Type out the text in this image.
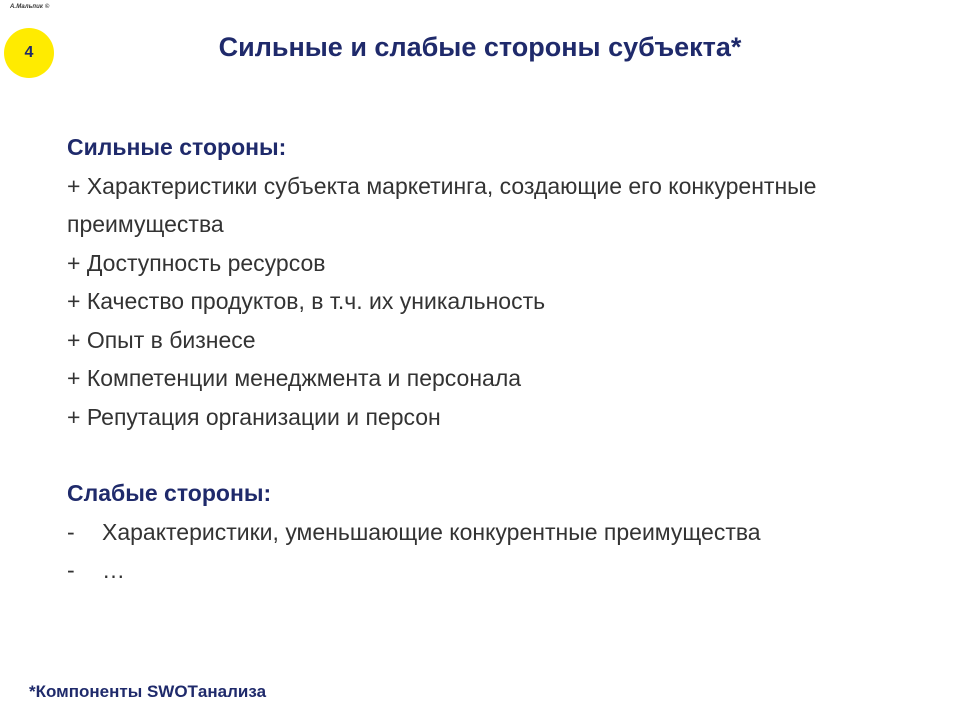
А.Мальпик ©
4	Сильные и слабые стороны субъекта*
Сильные стороны:
+ Характеристики субъекта маркетинга, создающие его конкурентные преимущества
+ Доступность ресурсов
+ Качество продуктов, в т.ч. их уникальность
+ Опыт в бизнесе
+ Компетенции менеджмента и персонала
+ Репутация организации и персон
Слабые стороны:
-	Характеристики, уменьшающие конкурентные преимущества
-	…
*Компоненты SWOTанализа
